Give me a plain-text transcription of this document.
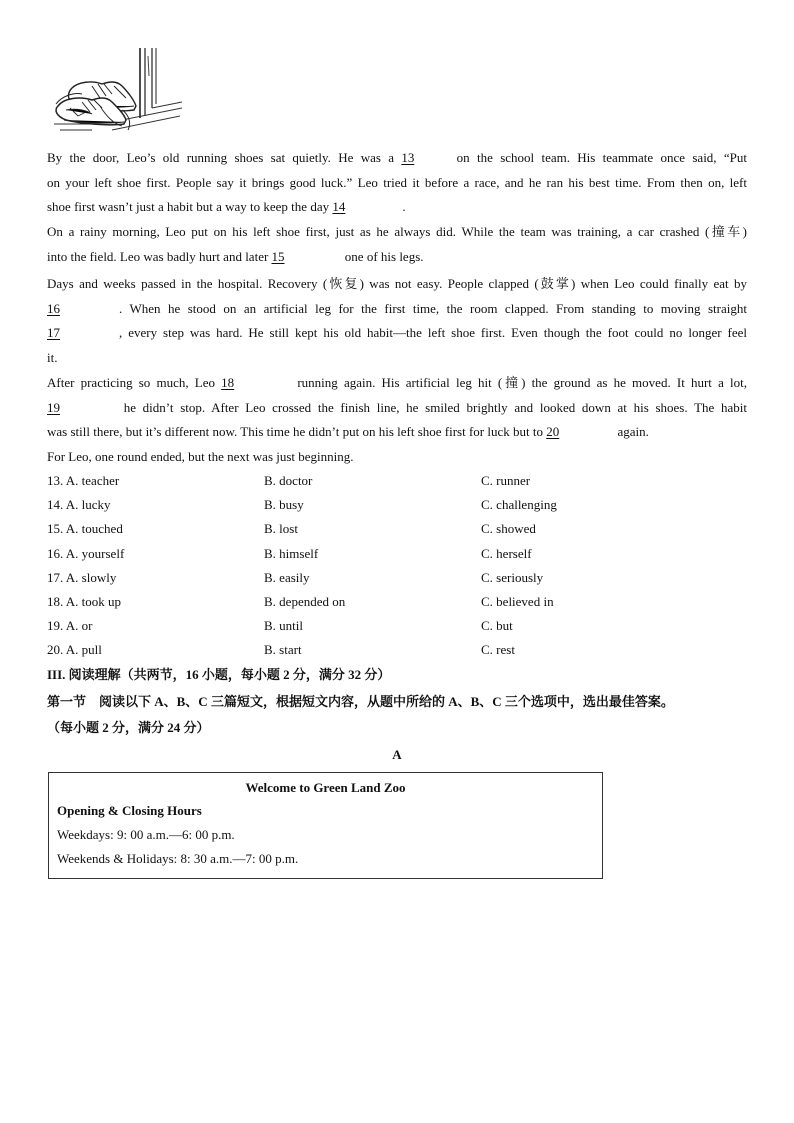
By the door, Leo’s old running shoes sat quietly. He was a 13	on the school team. His teammate once said, “Put
on your left shoe first. People say it brings good luck.” Leo tried it before a race, and he ran his best time. From then on, left
shoe first wasn’t just a habit but a way to keep the day 14	.
On a rainy morning, Leo put on his left shoe first, just as he always did. While the team was training, a car crashed (撞车)
into the field. Leo was badly hurt and later 15	one of his legs.
Days and weeks passed in the hospital. Recovery (恢复) was not easy. People clapped (鼓掌) when Leo could finally eat by
16	. When he stood on an artificial leg for the first time, the room clapped. From standing to moving straight
17	, every step was hard. He still kept his old habit—the left shoe first. Even though the foot could no longer feel
it.
After practicing so much, Leo 18	running again. His artificial leg hit (撞) the ground as he moved. It hurt a lot,
19	he didn’t stop. After Leo crossed the finish line, he smiled brightly and looked down at his shoes. The habit
was still there, but it’s different now. This time he didn’t put on his left shoe first for luck but to 20	again.
For Leo, one round ended, but the next was just beginning.
13. A. teacher	B. doctor	C. runner
14. A. lucky	B. busy	C. challenging
15. A. touched	B. lost	C. showed
16. A. yourself	B. himself	C. herself
17. A. slowly	B. easily	C. seriously
18. A. took up	B. depended on	C. believed in
19. A. or	B. until	C. but
20. A. pull	B. start	C. rest
III. 阅读理解（共两节，16 小题，每小题 2 分，满分 32 分）
第一节　阅读以下 A、B、C 三篇短文，根据短文内容，从题中所给的 A、B、C 三个选项中，选出最佳答案。
（每小题 2 分，满分 24 分）
A
Welcome to Green Land Zoo
Opening & Closing Hours
Weekdays: 9: 00 a.m.—6: 00 p.m.
Weekends & Holidays: 8: 30 a.m.—7: 00 p.m.
